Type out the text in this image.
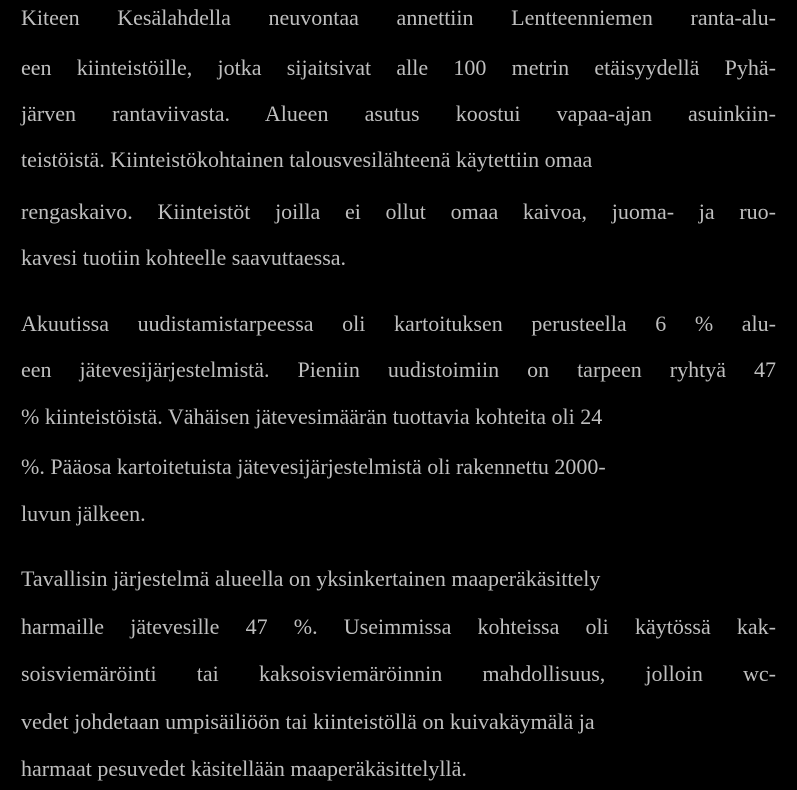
Kiteen Kesälahdella neuvontaa annettiin Lentteenniemen ranta-alu-

een kiinteistöille, jotka sijaitsivat alle 100 metrin etäisyydellä Pyhä-

järven rantaviivasta. Alueen asutus koostui vapaa-ajan asuinkiin-

teistöistä. Kiinteistökohtainen talousvesilähteenä käytettiin omaa

rengaskaivo. Kiinteistöt joilla ei ollut omaa kaivoa, juoma- ja ruo-

kavesi tuotiin kohteelle saavuttaessa.

Akuutissa uudistamistarpeessa oli kartoituksen perusteella 6 % alu-

een jätevesijärjestelmistä. Pieniin uudistoimiin on tarpeen ryhtyä 47

% kiinteistöistä. Vähäisen jätevesimäärän tuottavia kohteita oli 24

%. Pääosa kartoitetuista jätevesijärjestelmistä oli rakennettu 2000-

luvun jälkeen.

Tavallisin järjestelmä alueella on yksinkertainen maaperäkäsittely

harmaille jätevesille 47 %. Useimmissa kohteissa oli käytössä kak-

soisviemäröinti tai kaksoisviemäröinnin mahdollisuus, jolloin wc-

vedet johdetaan umpisäiliöön tai kiinteistöllä on kuivakäymälä ja

harmaat pesuvedet käsitellään maaperäkäsittelyllä.
